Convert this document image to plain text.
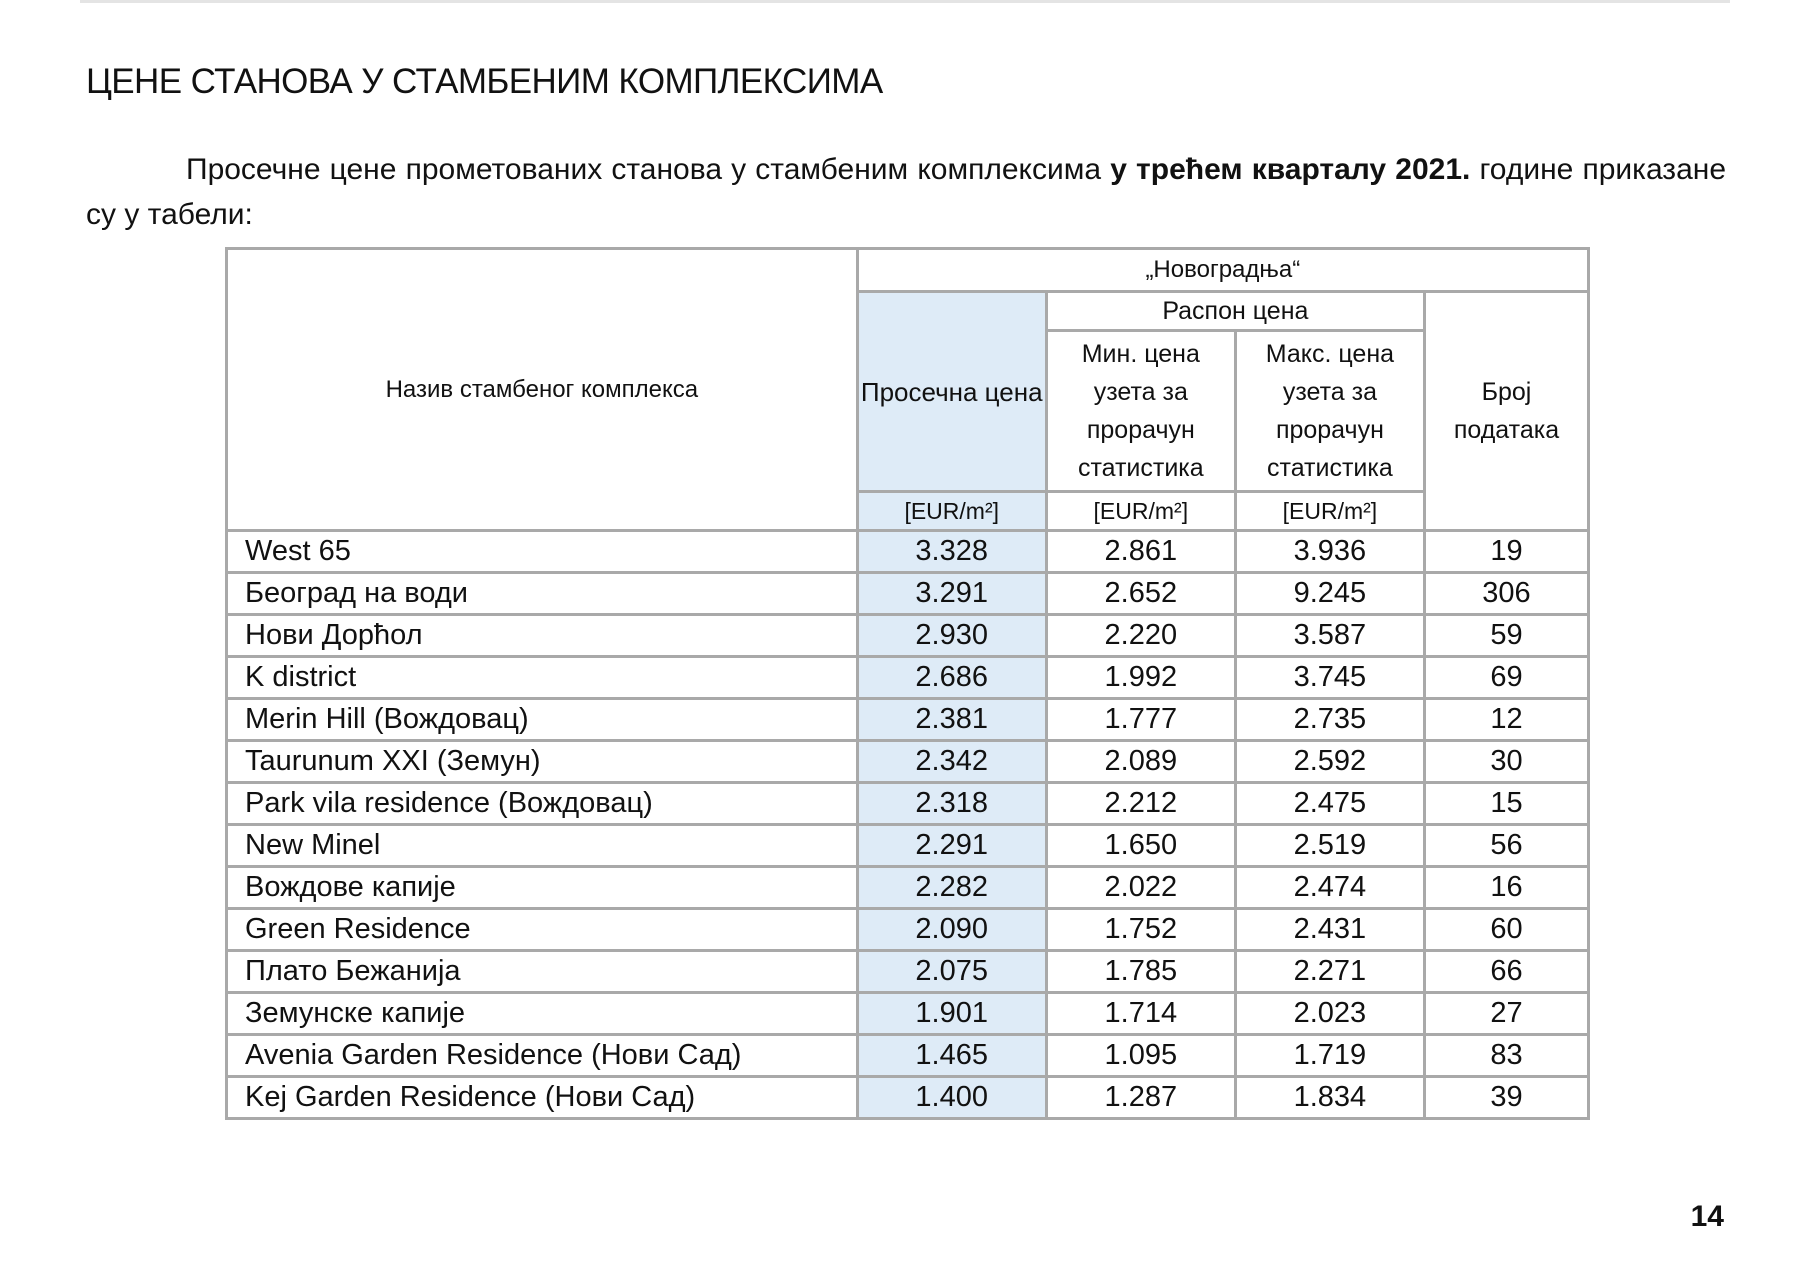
ЦЕНЕ СТАНОВА У СТАМБЕНИМ КОМПЛЕКСИМА

Просечне цене прометованих станова у стамбеним комплексима у трећем кварталу 2021. године приказане су у табели:

Назив стамбеног комплекса	„Новоградња“			
	Просечна цена	Распон цена		Број података
		Мин. цена узета за прорачун статистика	Макс. цена узета за прорачун статистика	
	[EUR/m²]	[EUR/m²]	[EUR/m²]	
West 65	3.328	2.861	3.936	19
Београд на води	3.291	2.652	9.245	306
Нови Дорћол	2.930	2.220	3.587	59
K district	2.686	1.992	3.745	69
Merin Hill (Вождовац)	2.381	1.777	2.735	12
Taurunum XXI (Земун)	2.342	2.089	2.592	30
Park vila residence (Вождовац)	2.318	2.212	2.475	15
New Minel	2.291	1.650	2.519	56
Вождове капије	2.282	2.022	2.474	16
Green Residence	2.090	1.752	2.431	60
Плато Бежанија	2.075	1.785	2.271	66
Земунске капије	1.901	1.714	2.023	27
Avenia Garden Residence (Нови Сад)	1.465	1.095	1.719	83
Kej Garden Residence (Нови Сад)	1.400	1.287	1.834	39
14
